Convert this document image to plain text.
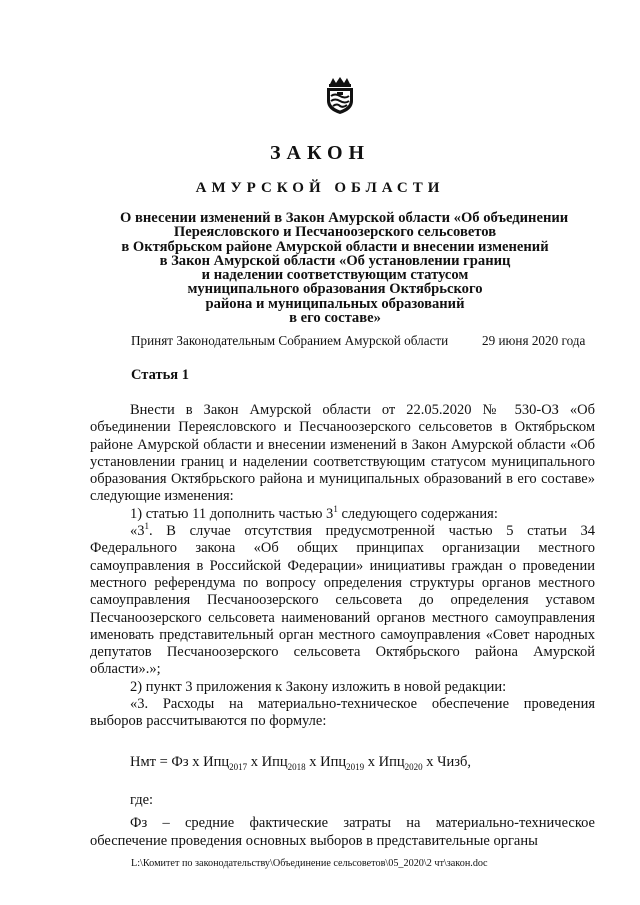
ЗАКОН
АМУРСКОЙ ОБЛАСТИ
О внесении изменений в Закон Амурской области «Об объединении
Переясловского и Песчаноозерского сельсоветов
в Октябрьском районе Амурской области и внесении изменений
в Закон Амурской области «Об установлении границ
и наделении соответствующим статусом
муниципального образования Октябрьского
района и муниципальных образований
в его составе»
Принят Законодательным Собранием Амурской области	29 июня 2020 года
Статья 1

Внести в Закон Амурской области от 22.05.2020 № 530-ОЗ «Об объединении Переясловского и Песчаноозерского сельсоветов в Октябрьском районе Амурской области и внесении изменений в Закон Амурской области «Об установлении границ и наделении соответствующим статусом муниципального образования Октябрьского района и муниципальных образований в его составе» следующие изменения:

1) статью 11 дополнить частью $3^1$ следующего содержания:

«$3^1$. В случае отсутствия предусмотренной частью 5 статьи 34 Федерального закона «Об общих принципах организации местного самоуправления в Российской Федерации» инициативы граждан о проведении местного референдума по вопросу определения структуры органов местного самоуправления Песчаноозерского сельсовета до определения уставом Песчаноозерского сельсовета наименований органов местного самоуправления именовать представительный орган местного самоуправления «Совет народных депутатов Песчаноозерского сельсовета Октябрьского района Амурской области».»;

2) пункт 3 приложения к Закону изложить в новой редакции:

«3. Расходы на материально-техническое обеспечение проведения выборов рассчитываются по формуле:

Нмт = Фз х Ипц$_{2017}$ х Ипц$_{2018}$ х Ипц$_{2019}$ х Ипц$_{2020}$ х Чизб,

где:

Фз – средние фактические затраты на материально-техническое обеспечение проведения основных выборов в представительные органы

L:\Комитет по законодательству\Объединение сельсоветов\05_2020\2 чт\закон.doc
